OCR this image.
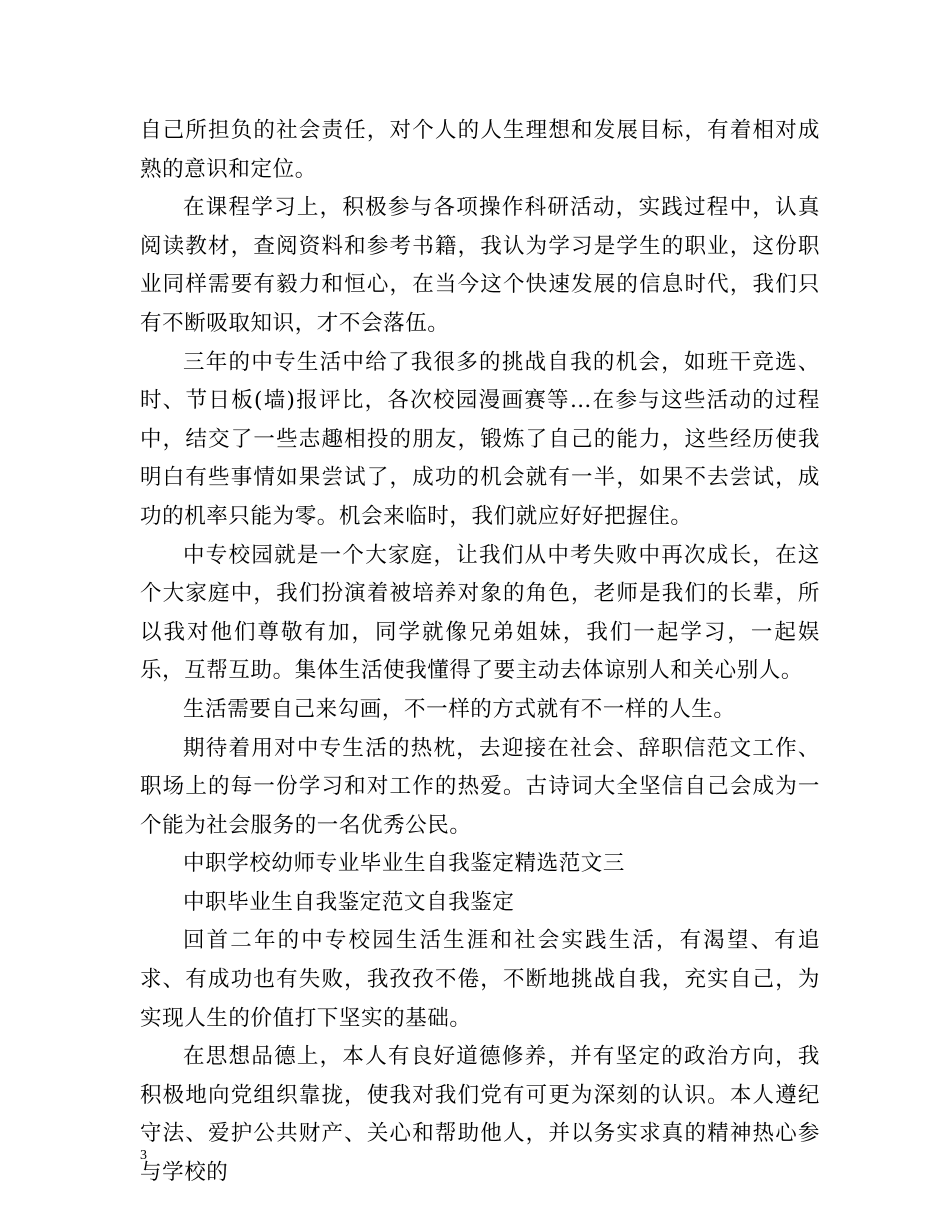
自己所担负的社会责任，对个人的人生理想和发展目标，有着相对成熟的意识和定位。

在课程学习上，积极参与各项操作科研活动，实践过程中，认真阅读教材，查阅资料和参考书籍，我认为学习是学生的职业，这份职业同样需要有毅力和恒心，在当今这个快速发展的信息时代，我们只有不断吸取知识，才不会落伍。

三年的中专生活中给了我很多的挑战自我的机会，如班干竞选、时、节日板(墙)报评比，各次校园漫画赛等…在参与这些活动的过程中，结交了一些志趣相投的朋友，锻炼了自己的能力，这些经历使我明白有些事情如果尝试了，成功的机会就有一半，如果不去尝试，成功的机率只能为零。机会来临时，我们就应好好把握住。

中专校园就是一个大家庭，让我们从中考失败中再次成长，在这个大家庭中，我们扮演着被培养对象的角色，老师是我们的长辈，所以我对他们尊敬有加，同学就像兄弟姐妹，我们一起学习，一起娱乐，互帮互助。集体生活使我懂得了要主动去体谅别人和关心别人。

生活需要自己来勾画，不一样的方式就有不一样的人生。

期待着用对中专生活的热枕，去迎接在社会、辞职信范文工作、职场上的每一份学习和对工作的热爱。古诗词大全坚信自己会成为一个能为社会服务的一名优秀公民。

中职学校幼师专业毕业生自我鉴定精选范文三

中职毕业生自我鉴定范文自我鉴定

回首二年的中专校园生活生涯和社会实践生活，有渴望、有追求、有成功也有失败，我孜孜不倦，不断地挑战自我，充实自己，为实现人生的价值打下坚实的基础。

在思想品德上，本人有良好道德修养，并有坚定的政治方向，我积极地向党组织靠拢，使我对我们党有可更为深刻的认识。本人遵纪守法、爱护公共财产、关心和帮助他人，并以务实求真的精神热心参与学校的

3
